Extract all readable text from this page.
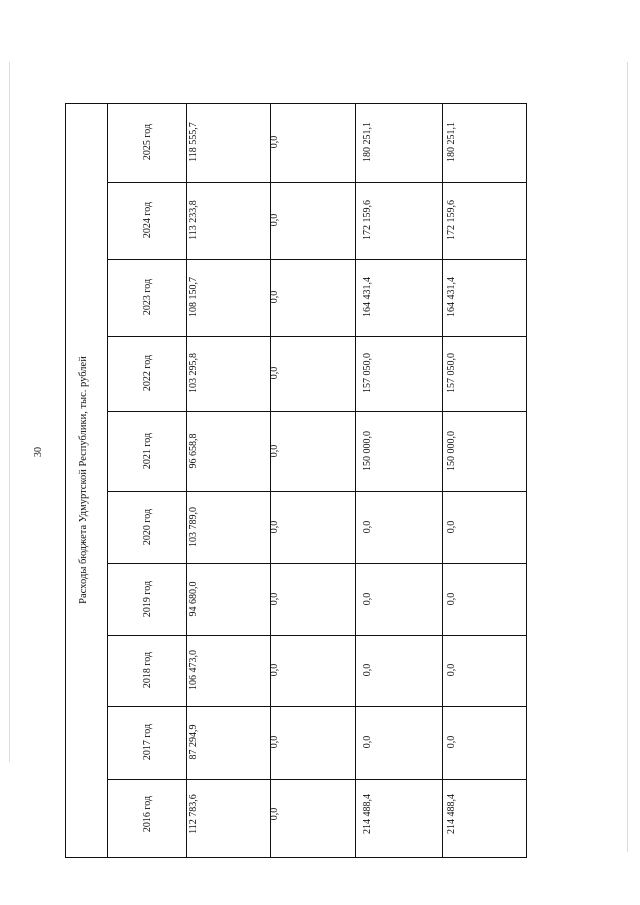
30	Расходы бюджета Удмуртской Республики, тыс. рублей
2016 год
2017 год
2018 год
2019 год
2020 год
2021 год
2022 год
2023 год
2024 год
2025 год
112 783,6
87 294,9
106 473,0
94 680,0
103 789,0
96 658,8
103 295,8
108 150,7
113 233,8
118 555,7
0,0
0,0
0,0
0,0
0,0
0,0
0,0
0,0
0,0
0,0
214 488,4
0,0
0,0
0,0
0,0
150 000,0
157 050,0
164 431,4
172 159,6
180 251,1
214 488,4
0,0
0,0
0,0
0,0
150 000,0
157 050,0
164 431,4
172 159,6
180 251,1
